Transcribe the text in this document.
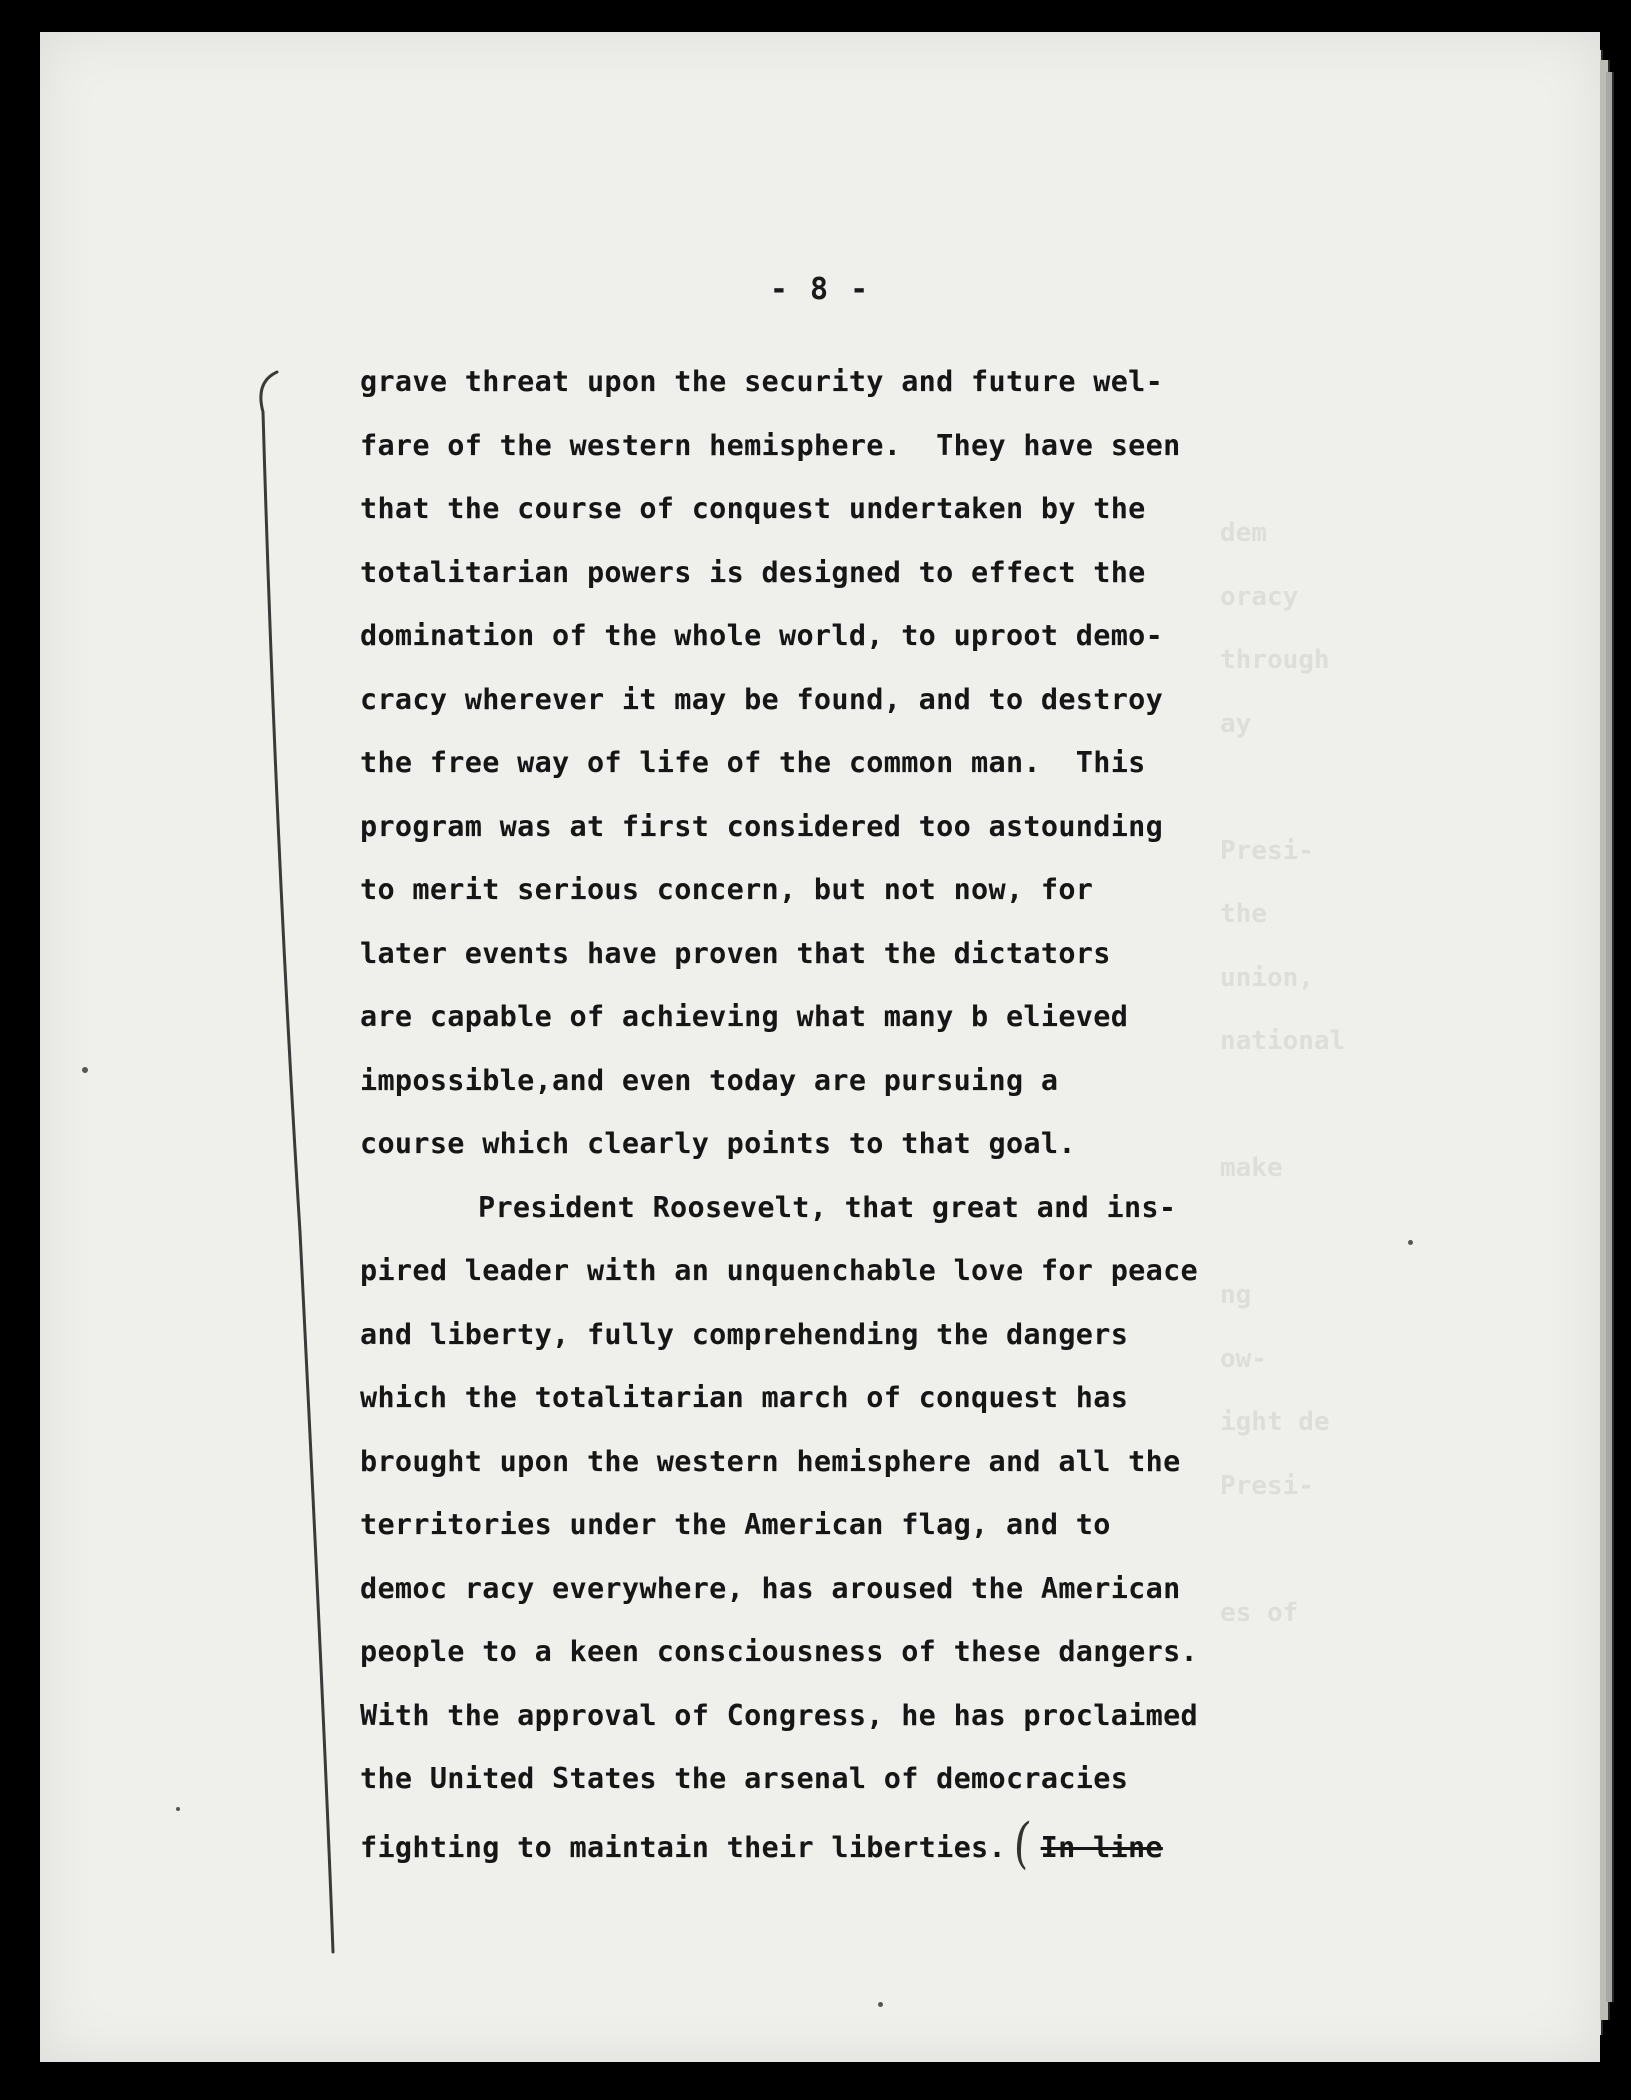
- 8 -
dem
oracy
through
ay

Presi-
the
union,
national

make

ng
ow-
ight de
Presi-

es of

grave threat upon the security and future wel-
fare of the western hemisphere.  They have seen
that the course of conquest undertaken by the
totalitarian powers is designed to effect the
domination of the whole world, to uproot demo-
cracy wherever it may be found, and to destroy
the free way of life of the common man.  This
program was at first considered too astounding
to merit serious concern, but not now, for
later events have proven that the dictators
are capable of achieving what many b elieved
impossible,and even today are pursuing a
course which clearly points to that goal.
President Roosevelt, that great and ins-
pired leader with an unquenchable love for peace
and liberty, fully comprehending the dangers
which the totalitarian march of conquest has
brought upon the western hemisphere and all the
territories under the American flag, and to
democ racy everywhere, has aroused the American
people to a keen consciousness of these dangers.
With the approval of Congress, he has proclaimed
the United States the arsenal of democracies
fighting to maintain their liberties. ( In line
